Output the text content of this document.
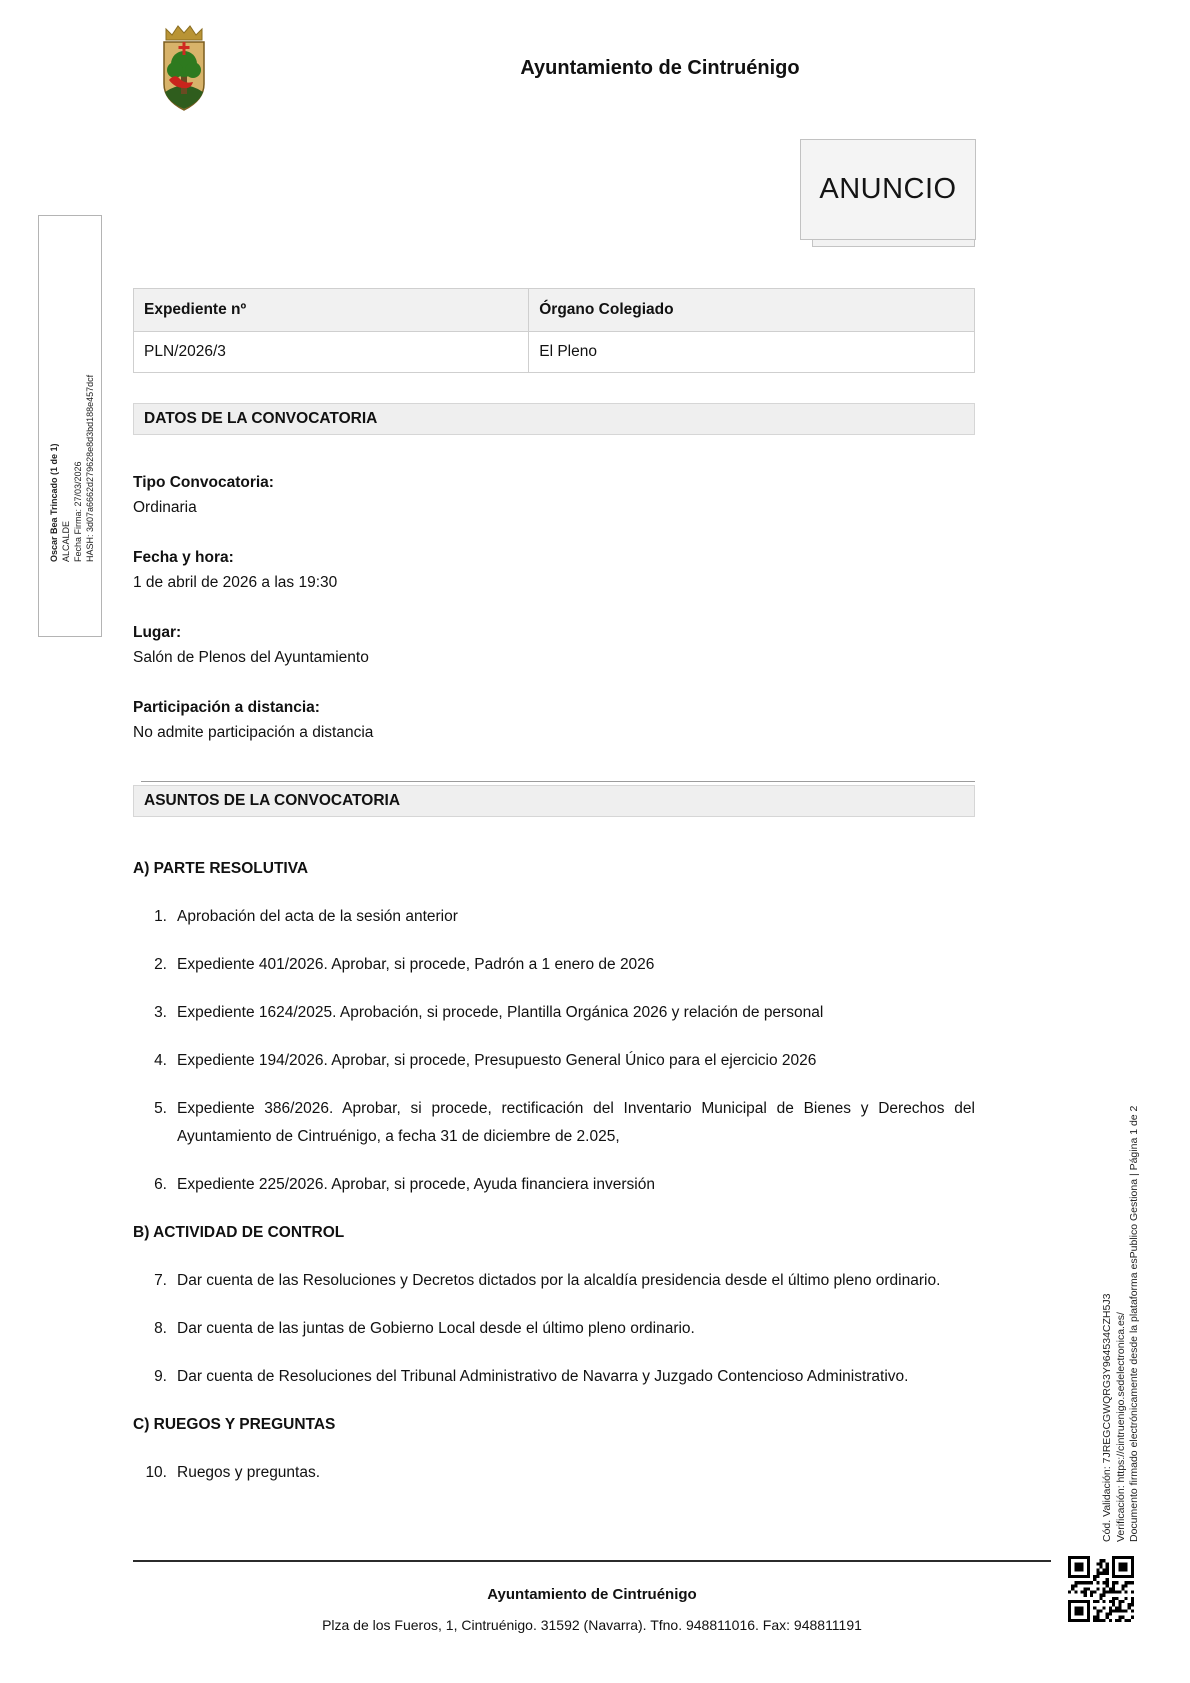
Ayuntamiento de Cintruénigo
ANUNCIO
Expediente nº	Órgano Colegiado
PLN/2026/3	El Pleno
DATOS DE LA CONVOCATORIA
Tipo Convocatoria:
Ordinaria
Fecha y hora:
1 de abril de 2026 a las 19:30
Lugar:
Salón de Plenos del Ayuntamiento
Participación a distancia:
No admite participación a distancia
ASUNTOS DE LA CONVOCATORIA
A) PARTE RESOLUTIVA
1. Aprobación del acta de la sesión anterior
2. Expediente 401/2026. Aprobar, si procede, Padrón a 1 enero de 2026
3. Expediente 1624/2025. Aprobación, si procede, Plantilla Orgánica 2026 y relación de personal
4. Expediente 194/2026. Aprobar, si procede, Presupuesto General Único para el ejercicio 2026
5. Expediente 386/2026. Aprobar, si procede, rectificación del Inventario Municipal de Bienes y Derechos del Ayuntamiento de Cintruénigo, a fecha 31 de diciembre de 2.025,
6. Expediente 225/2026. Aprobar, si procede, Ayuda financiera inversión
B) ACTIVIDAD DE CONTROL
7. Dar cuenta de las Resoluciones y Decretos dictados por la alcaldía presidencia desde el último pleno ordinario.
8. Dar cuenta de las juntas de Gobierno Local desde el último pleno ordinario.
9. Dar cuenta de Resoluciones del Tribunal Administrativo de Navarra y Juzgado Contencioso Administrativo.
C) RUEGOS Y PREGUNTAS
10. Ruegos y preguntas.
Ayuntamiento de Cintruénigo
Plza de los Fueros, 1, Cintruénigo. 31592 (Navarra). Tfno. 948811016. Fax: 948811191
Oscar Bea Trincado (1 de 1) ALCALDE Fecha Firma: 27/03/2026 HASH: 3d07a6662d279628e8d3bd188e457dcf
Cód. Validación: 7JREGCGWQRG3Y964534CZH5J3 Verificación: https://cintruenigo.sedelectronica.es/ Documento firmado electrónicamente desde la plataforma esPublico Gestiona | Página 1 de 2
